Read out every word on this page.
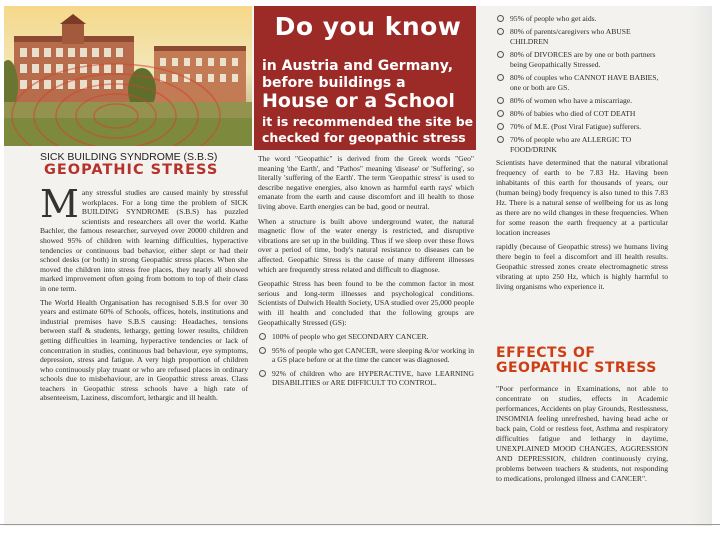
Do you know
in Austria and Germany, before buildings a
House or a School
it is recommended the site be checked for geopathic stress
SICK BUILDING SYNDROME (S.B.S)
GEOPATHIC STRESS

Many stressful studies are caused mainly by stressful workplaces. For a long time the problem of SICK BUILDING SYNDROME (S.B.S) has puzzled scientists and researchers all over the world. Kathe Bachler, the famous researcher, surveyed over 20000 children and showed 95% of children with learning difficulties, hyperactive tendencies or continuous bad behavior, either slept or had their school desks (or both) in strong Geopathic stress places. When she moved the children into stress free places, they nearly all showed marked improvement often going from bottom to top of their class in one term.

The World Health Organisation has recognised S.B.S for over 30 years and estimate 60% of Schools, offices, hotels, institutions and industrial premises have S.B.S causing: Headaches, tensions between staff & students, lethargy, getting lower results, children getting difficulties in learning, hyperactive tendencies or lack of concentration in studies, continuous bad behaviour, eye symptoms, depression, stress and fatigue. A very high proportion of children who continuously play truant or who are refused places in ordinary schools due to misbehaviour, are in Geopathic stress areas. Class teachers in Geopathic stress schools have a high rate of absenteeism, Laziness, discomfort, lethargic and ill health.

The word "Geopathic" is derived from the Greek words "Geo" meaning 'the Earth', and "Pathos" meaning 'disease' or 'Suffering', so literally 'suffering of the Earth'. The term 'Geopathic stress' is used to describe negative energies, also known as harmful earth rays' which emanate from the earth and cause discomfort and ill health to those living above. Earth energies can be bad, good or neutral.

When a structure is built above underground water, the natural magnetic flow of the water energy is restricted, and disruptive vibrations are set up in the building. Thus if we sleep over these flows over a period of time, body's natural resistance to diseases can be affected. Geopathic Stress is the cause of many different illnesses which are frequently stress related and difficult to diagnose.

Geopathic Stress has been found to be the common factor in most serious and long-term illnesses and psychological conditions. Scientists of Dulwich Health Society, USA studied over 25,000 people with ill health and concluded that the following groups are Geopathically Stressed (GS):

100% of people who get SECONDARY CANCER.
95% of people who get CANCER, were sleeping &/or working in a GS place before or at the time the cancer was diagnosed.
92% of children who are HYPERACTIVE, have LEARNING DISABILITIES or ARE DIFFICULT TO CONTROL.
95% of people who get aids.
80% of parents/caregivers who ABUSE CHILDREN
80% of DIVORCES are by one or both partners being Geopathically Stressed.
80% of couples who CANNOT HAVE BABIES, one or both are GS.
80% of women who have a miscarriage.
80% of babies who died of COT DEATH
70% of M.E. (Post Viral Fatigue) sufferers.
70% of people who are ALLERGIC TO FOOD/DRINK

Scientists have determined that the natural vibrational frequency of earth to be 7.83 Hz. Having been inhabitants of this earth for thousands of years, our (human being) body frequency is also tuned to this 7.83 Hz. There is a natural sense of wellbeing for us as long as there are no wild changes in these frequencies. When for some reason the earth frequency at a particular location increases

rapidly (because of Geopathic stress) we humans living there begin to feel a discomfort and ill health results. Geopathic stressed zones create electromagnetic stress vibrating at upto 250 Hz, which is highly harmful to living organisms who experience it.

EFFECTS OF GEOPATHIC STRESS
"Poor performance in Examinations, not able to concentrate on studies, effects in Academic performances, Accidents on play Grounds, Restlessness, INSOMNIA feeling unrefreshed, having head ache or back pain, Cold or restless feet, Asthma and respiratory difficulties fatigue and lethargy in daytime, UNEXPLAINED MOOD CHANGES, AGGRESSION AND DEPRESSION, children continuously crying, problems between teachers & students, not responding to medications, prolonged illness and CANCER".
